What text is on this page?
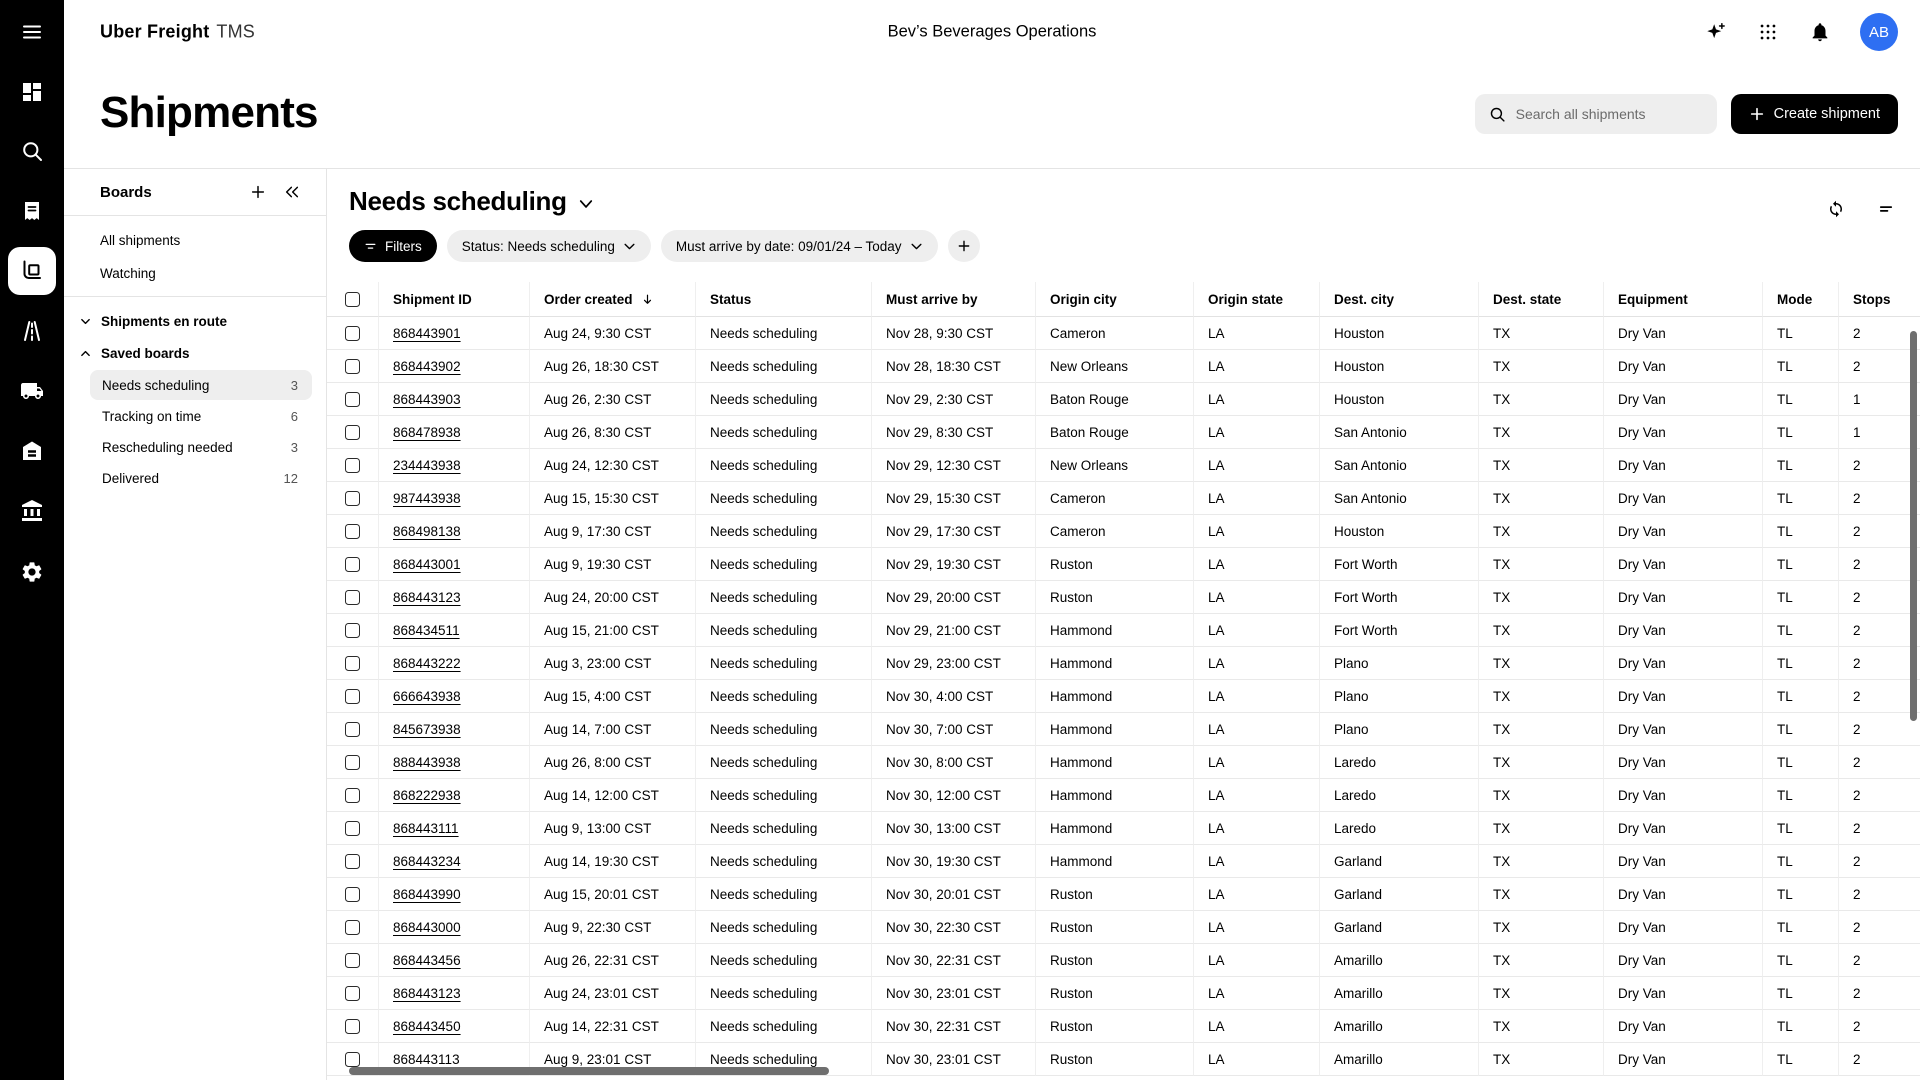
Uber Freight TMS	Bev’s Beverages Operations	AB
Shipments
Search all shipments	Create shipment
Boards
All shipments
Watching
Shipments en route
Saved boards
Needs scheduling	3
Tracking on time	6
Rescheduling needed	3
Delivered	12
Needs scheduling
Filters	Status: Needs scheduling	Must arrive by date: 09/01/24 – Today
Shipment ID	Order created	Status	Must arrive by	Origin city	Origin state	Dest. city	Dest. state	Equipment	Mode	Stops
868443901	Aug 24, 9:30 CST	Needs scheduling	Nov 28, 9:30 CST	Cameron	LA	Houston	TX	Dry Van	TL	2
868443902	Aug 26, 18:30 CST	Needs scheduling	Nov 28, 18:30 CST	New Orleans	LA	Houston	TX	Dry Van	TL	2
868443903	Aug 26, 2:30 CST	Needs scheduling	Nov 29, 2:30 CST	Baton Rouge	LA	Houston	TX	Dry Van	TL	1
868478938	Aug 26, 8:30 CST	Needs scheduling	Nov 29, 8:30 CST	Baton Rouge	LA	San Antonio	TX	Dry Van	TL	1
234443938	Aug 24, 12:30 CST	Needs scheduling	Nov 29, 12:30 CST	New Orleans	LA	San Antonio	TX	Dry Van	TL	2
987443938	Aug 15, 15:30 CST	Needs scheduling	Nov 29, 15:30 CST	Cameron	LA	San Antonio	TX	Dry Van	TL	2
868498138	Aug 9, 17:30 CST	Needs scheduling	Nov 29, 17:30 CST	Cameron	LA	Houston	TX	Dry Van	TL	2
868443001	Aug 9, 19:30 CST	Needs scheduling	Nov 29, 19:30 CST	Ruston	LA	Fort Worth	TX	Dry Van	TL	2
868443123	Aug 24, 20:00 CST	Needs scheduling	Nov 29, 20:00 CST	Ruston	LA	Fort Worth	TX	Dry Van	TL	2
868434511	Aug 15, 21:00 CST	Needs scheduling	Nov 29, 21:00 CST	Hammond	LA	Fort Worth	TX	Dry Van	TL	2
868443222	Aug 3, 23:00 CST	Needs scheduling	Nov 29, 23:00 CST	Hammond	LA	Plano	TX	Dry Van	TL	2
666643938	Aug 15, 4:00 CST	Needs scheduling	Nov 30, 4:00 CST	Hammond	LA	Plano	TX	Dry Van	TL	2
845673938	Aug 14, 7:00 CST	Needs scheduling	Nov 30, 7:00 CST	Hammond	LA	Plano	TX	Dry Van	TL	2
888443938	Aug 26, 8:00 CST	Needs scheduling	Nov 30, 8:00 CST	Hammond	LA	Laredo	TX	Dry Van	TL	2
868222938	Aug 14, 12:00 CST	Needs scheduling	Nov 30, 12:00 CST	Hammond	LA	Laredo	TX	Dry Van	TL	2
868443111	Aug 9, 13:00 CST	Needs scheduling	Nov 30, 13:00 CST	Hammond	LA	Laredo	TX	Dry Van	TL	2
868443234	Aug 14, 19:30 CST	Needs scheduling	Nov 30, 19:30 CST	Hammond	LA	Garland	TX	Dry Van	TL	2
868443990	Aug 15, 20:01 CST	Needs scheduling	Nov 30, 20:01 CST	Ruston	LA	Garland	TX	Dry Van	TL	2
868443000	Aug 9, 22:30 CST	Needs scheduling	Nov 30, 22:30 CST	Ruston	LA	Garland	TX	Dry Van	TL	2
868443456	Aug 26, 22:31 CST	Needs scheduling	Nov 30, 22:31 CST	Ruston	LA	Amarillo	TX	Dry Van	TL	2
868443123	Aug 24, 23:01 CST	Needs scheduling	Nov 30, 23:01 CST	Ruston	LA	Amarillo	TX	Dry Van	TL	2
868443450	Aug 14, 22:31 CST	Needs scheduling	Nov 30, 22:31 CST	Ruston	LA	Amarillo	TX	Dry Van	TL	2
868443113	Aug 9, 23:01 CST	Needs scheduling	Nov 30, 23:01 CST	Ruston	LA	Amarillo	TX	Dry Van	TL	2
